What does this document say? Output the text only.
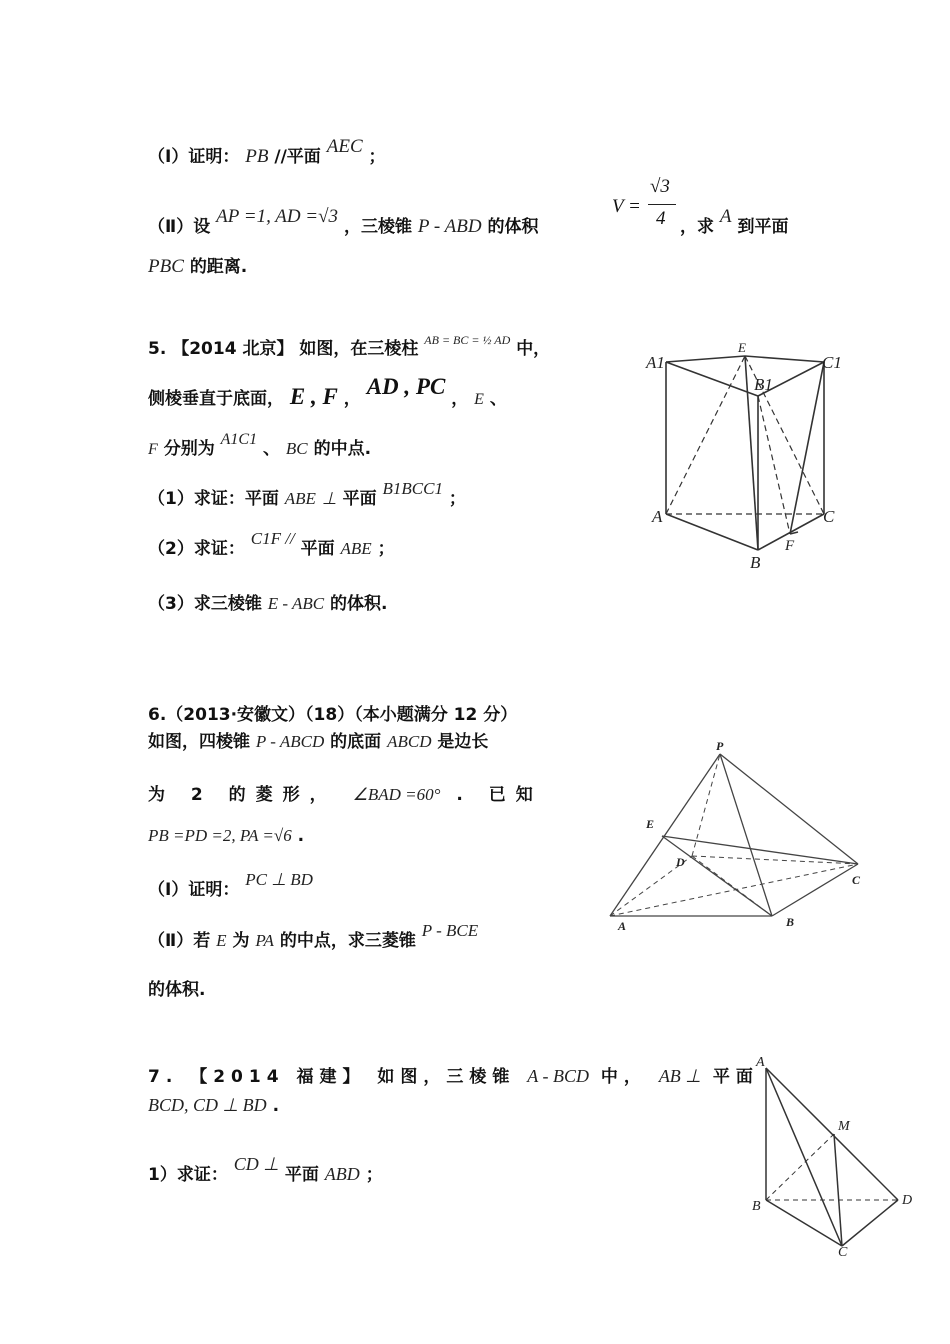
（Ⅰ）证明： PB //平面 AEC ；
（Ⅱ）设 AP =1, AD =√3 ，三棱锥 P - ABD 的体积
V =
√3
4 ，求 A 到平面
PBC 的距离.
5. 【2014 北京】 如图，在三棱柱 $^{AB = BC = \frac{1}{2} AD}$ 中，
侧棱垂直于底面， E , F ， AD , PC ， E 、
F 分别为 A1C1 、 BC 的中点.
（1）求证：平面 ABE ⊥ 平面 B1BCC1 ；
（2）求证： C1F // 平面 ABE ；
（3）求三棱锥 E - ABC 的体积.
A1
E
C1
B1
A	C
B
F
6.（2013·安徽文）（18）（本小题满分 12 分）
如图，四棱锥 P - ABCD 的底面 ABCD 是边长
为 2 的菱形， ∠BAD =60° . 已知
PB =PD =2, PA =√6 .
（Ⅰ）证明： PC ⊥ BD
（Ⅱ）若 E 为 PA 的中点，求三菱锥 P - BCE
的体积.
P
E
D
C
A	B
7. 【2014 福建】 如图，三棱锥 A - BCD 中， AB ⊥ 平面
BCD, CD ⊥ BD .
1）求证： CD ⊥ 平面 ABD ；
A
M
B	D
C
